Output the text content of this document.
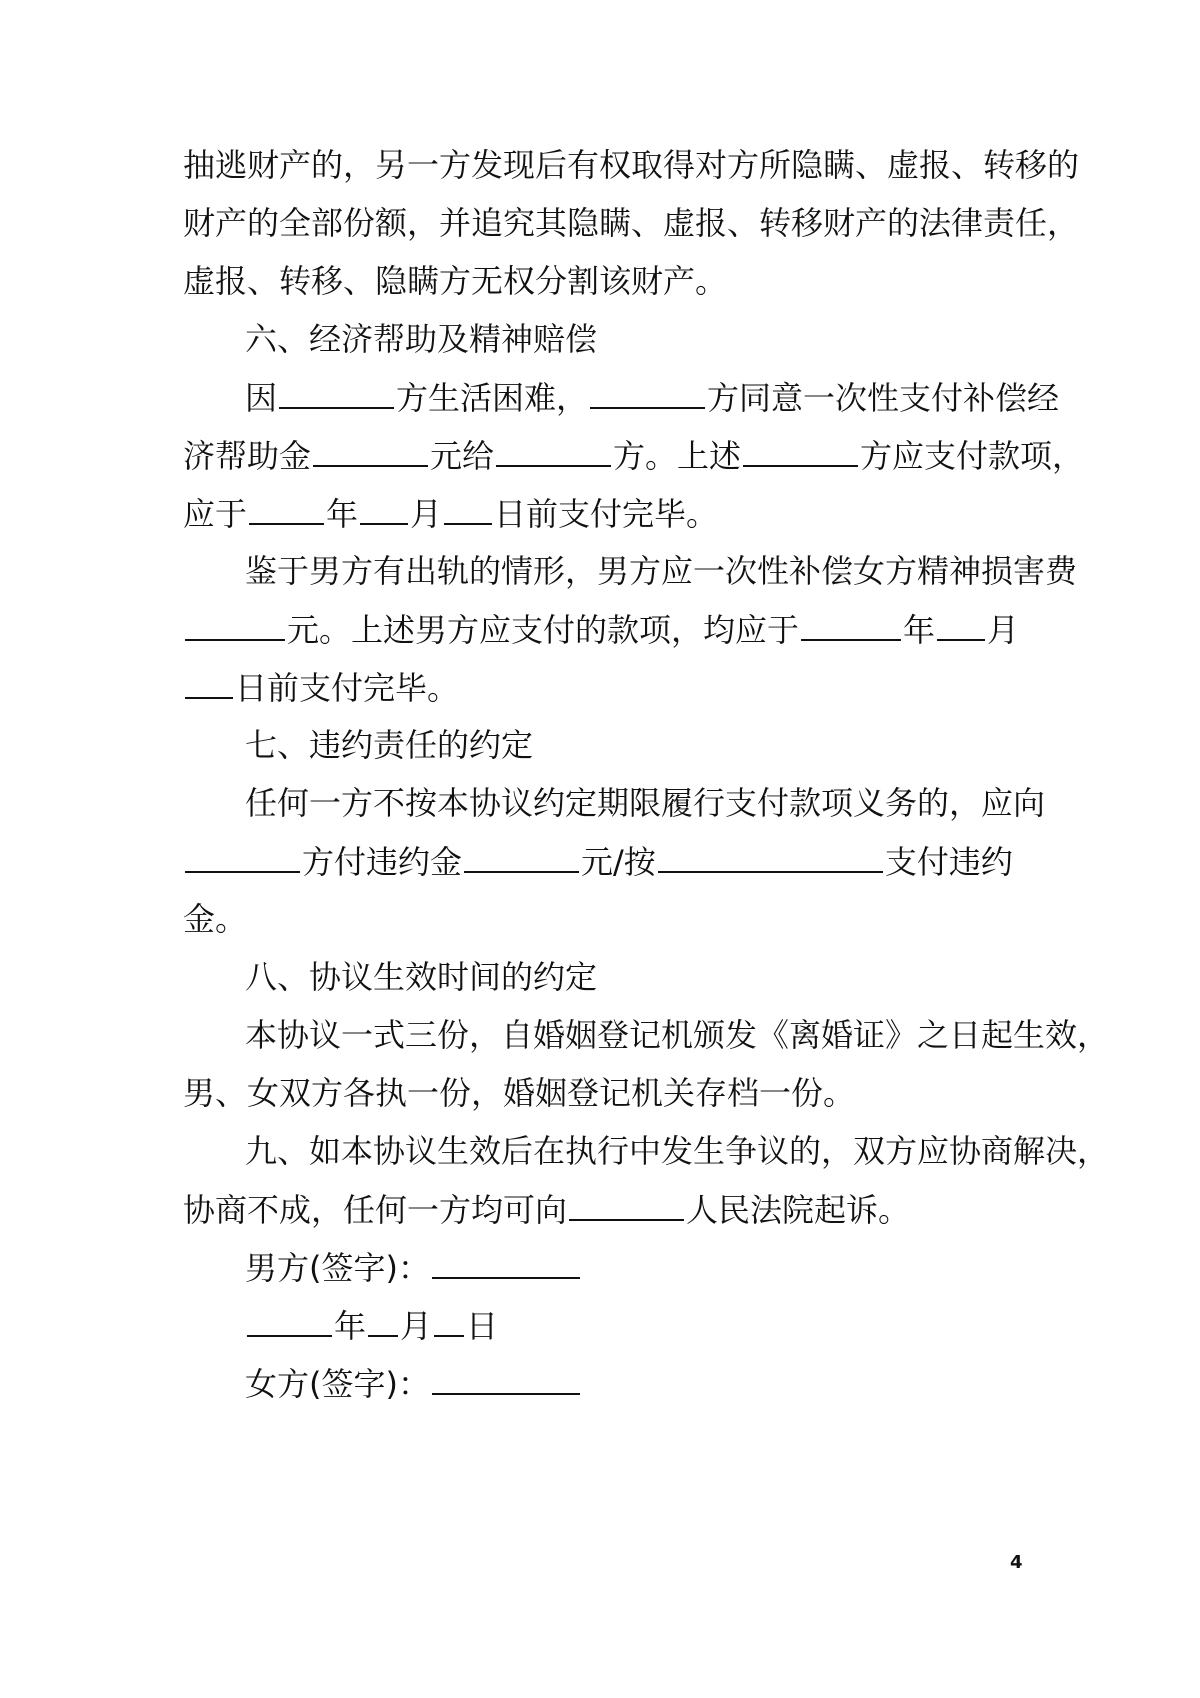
抽逃财产的，另一方发现后有权取得对方所隐瞒、虚报、转移的
财产的全部份额，并追究其隐瞒、虚报、转移财产的法律责任，
虚报、转移、隐瞒方无权分割该财产。
六、经济帮助及精神赔偿
因	方生活困难，	方同意一次性支付补偿经
济帮助金	元给	方。上述	方应支付款项，
应于 年 月 日前支付完毕。
鉴于男方有出轨的情形，男方应一次性补偿女方精神损害费
元。上述男方应支付的款项，均应于	年 月
日前支付完毕。
七、违约责任的约定
任何一方不按本协议约定期限履行支付款项义务的，应向
方付违约金	元/按	支付违约
金。
八、协议生效时间的约定
本协议一式三份，自婚姻登记机颁发《离婚证》之日起生效，
男、女双方各执一份，婚姻登记机关存档一份。
九、如本协议生效后在执行中发生争议的，双方应协商解决，
协商不成，任何一方均可向	人民法院起诉。
男方(签字)：
年 月 日
女方(签字)：
4
